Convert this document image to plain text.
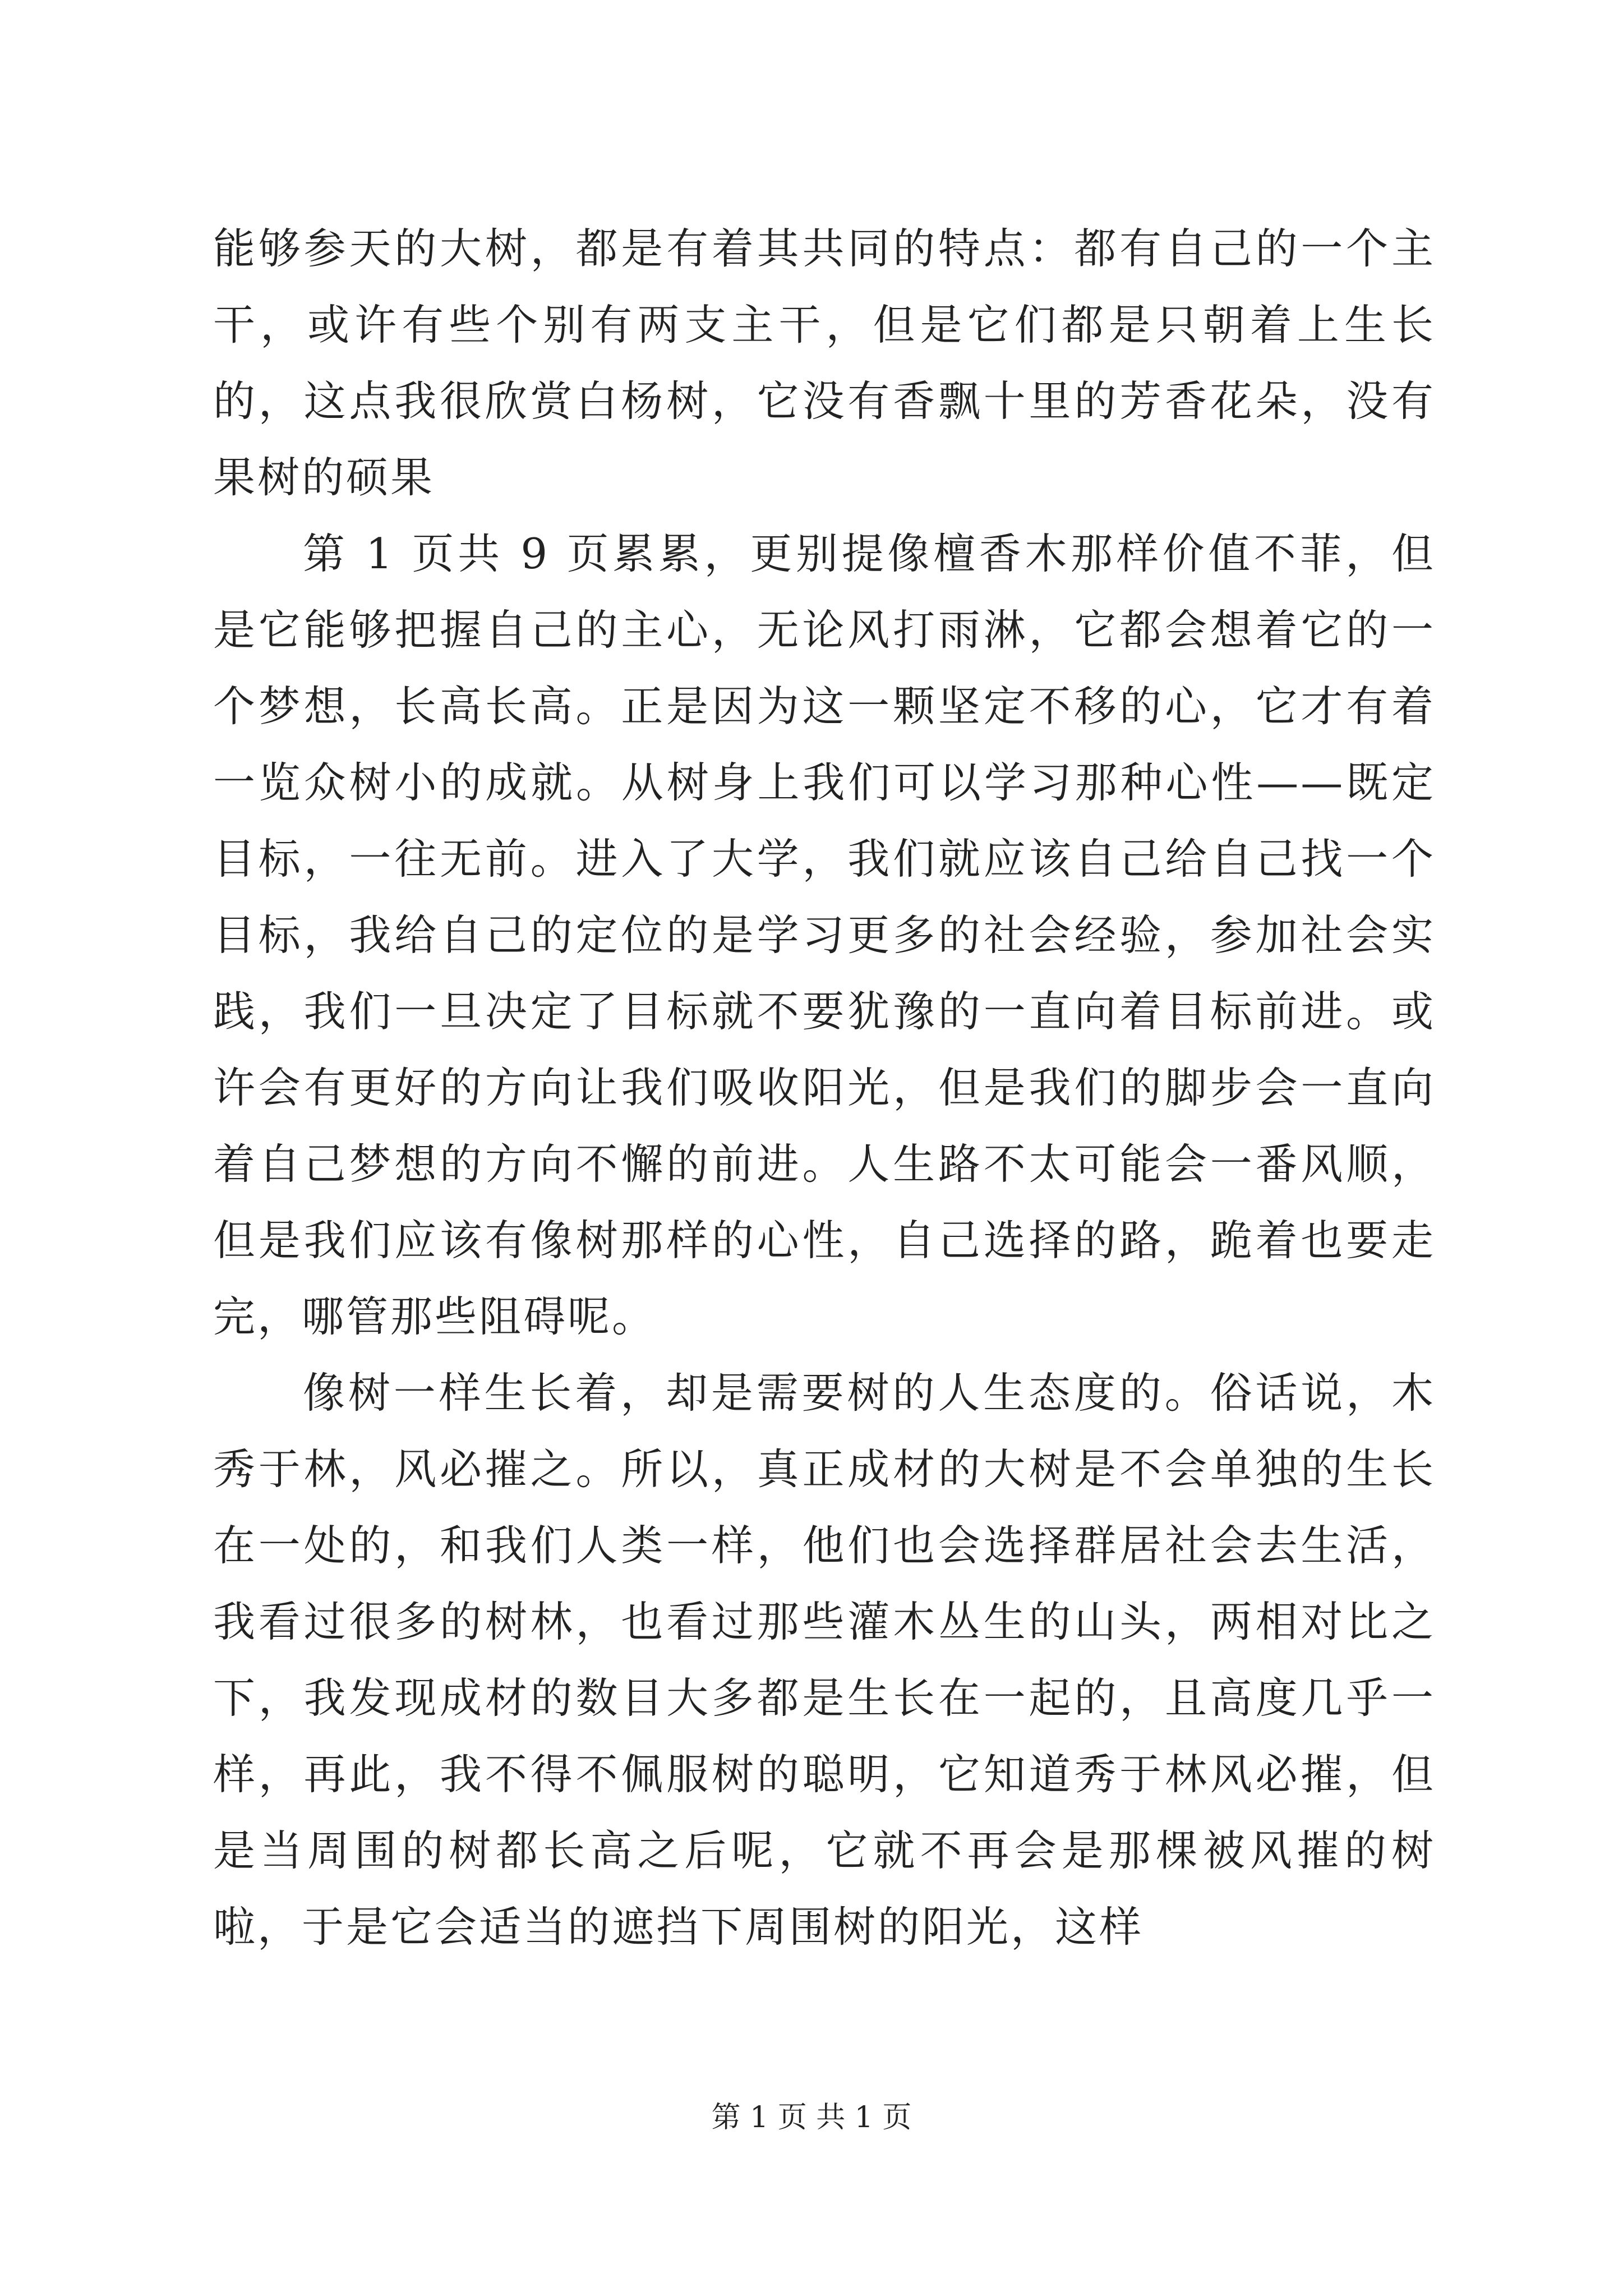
能够参天的大树，都是有着其共同的特点：都有自己的一个主干，或许有些个别有两支主干，但是它们都是只朝着上生长的，这点我很欣赏白杨树，它没有香飘十里的芳香花朵，没有果树的硕果

第 1 页共 9 页累累，更别提像檀香木那样价值不菲，但是它能够把握自己的主心，无论风打雨淋，它都会想着它的一个梦想，长高长高。正是因为这一颗坚定不移的心，它才有着一览众树小的成就。从树身上我们可以学习那种心性——既定目标，一往无前。进入了大学，我们就应该自己给自己找一个目标，我给自己的定位的是学习更多的社会经验，参加社会实践，我们一旦决定了目标就不要犹豫的一直向着目标前进。或许会有更好的方向让我们吸收阳光，但是我们的脚步会一直向着自己梦想的方向不懈的前进。人生路不太可能会一番风顺，但是我们应该有像树那样的心性，自己选择的路，跪着也要走完，哪管那些阻碍呢。

像树一样生长着，却是需要树的人生态度的。俗话说，木秀于林，风必摧之。所以，真正成材的大树是不会单独的生长在一处的，和我们人类一样，他们也会选择群居社会去生活，我看过很多的树林，也看过那些灌木丛生的山头，两相对比之下，我发现成材的数目大多都是生长在一起的，且高度几乎一样，再此，我不得不佩服树的聪明，它知道秀于林风必摧，但是当周围的树都长高之后呢，它就不再会是那棵被风摧的树啦，于是它会适当的遮挡下周围树的阳光，这样

第 1 页 共 1 页
